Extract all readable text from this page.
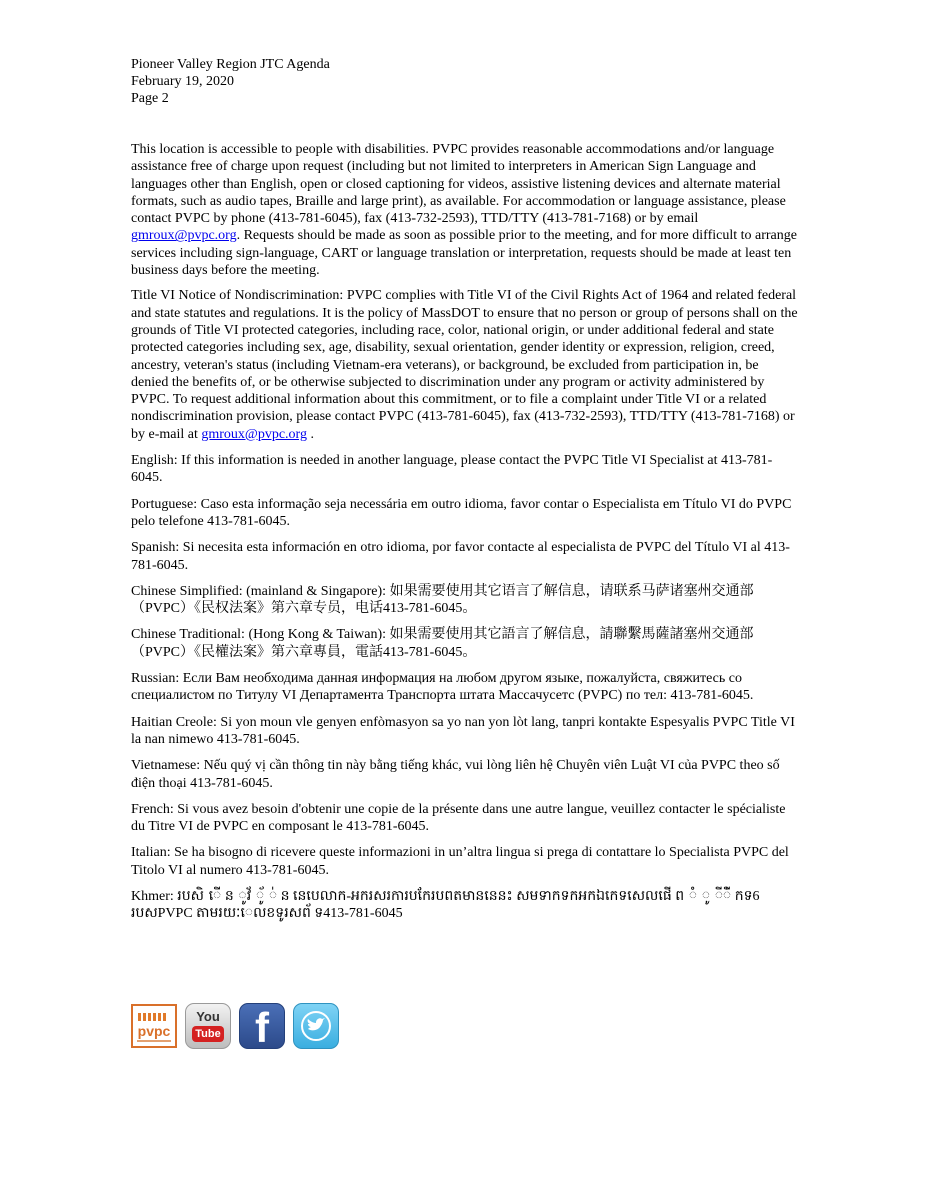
Pioneer Valley Region JTC Agenda
February 19, 2020
Page 2

This location is accessible to people with disabilities. PVPC provides reasonable accommodations and/or language assistance free of charge upon request (including but not limited to interpreters in American Sign Language and languages other than English, open or closed captioning for videos, assistive listening devices and alternate material formats, such as audio tapes, Braille and large print), as available. For accommodation or language assistance, please contact PVPC by phone (413-781-6045), fax (413-732-2593), TTD/TTY (413-781-7168) or by email gmroux@pvpc.org. Requests should be made as soon as possible prior to the meeting, and for more difficult to arrange services including sign-language, CART or language translation or interpretation, requests should be made at least ten business days before the meeting.

Title VI Notice of Nondiscrimination: PVPC complies with Title VI of the Civil Rights Act of 1964 and related federal and state statutes and regulations. It is the policy of MassDOT to ensure that no person or group of persons shall on the grounds of Title VI protected categories, including race, color, national origin, or under additional federal and state protected categories including sex, age, disability, sexual orientation, gender identity or expression, religion, creed, ancestry, veteran's status (including Vietnam-era veterans), or background, be excluded from participation in, be denied the benefits of, or be otherwise subjected to discrimination under any program or activity administered by PVPC. To request additional information about this commitment, or to file a complaint under Title VI or a related nondiscrimination provision, please contact PVPC (413-781-6045), fax (413-732-2593), TTD/TTY (413-781-7168) or by e-mail at gmroux@pvpc.org .

English: If this information is needed in another language, please contact the PVPC Title VI Specialist at 413-781-6045.

Portuguese: Caso esta informação seja necessária em outro idioma, favor contar o Especialista em Título VI do PVPC pelo telefone 413-781-6045.

Spanish: Si necesita esta información en otro idioma, por favor contacte al especialista de PVPC del Título VI al 413-781-6045.

Chinese Simplified: (mainland & Singapore): 如果需要使用其它语言了解信息，请联系马萨诸塞州交通部 （PVPC）《民权法案》第六章专员，电话413-781-6045。

Chinese Traditional: (Hong Kong & Taiwan): 如果需要使用其它語言了解信息，請聯繫馬薩諸塞州交通部 （PVPC）《民權法案》第六章專員，電話413-781-6045。

Russian: Если Вам необходима данная информация на любом другом языке, пожалуйста, свяжитесь со специалистом по Титулу VI Департамента Транспорта штата Массачусетс (PVPC) по тел: 413-781-6045.

Haitian Creole: Si yon moun vle genyen enfòmasyon sa yo nan yon lòt lang, tanpri kontakte Espesyalis PVPC Title VI la nan nimewo 413-781-6045.

Vietnamese: Nếu quý vị cần thông tin này bằng tiếng khác, vui lòng liên hệ Chuyên viên Luật VI của PVPC theo số điện thoại 413-781-6045.

French: Si vous avez besoin d'obtenir une copie de la présente dans une autre langue, veuillez contacter le spécialiste du Titre VI de PVPC en composant le 413-781-6045.

Italian: Se ha bisogno di ricevere queste informazioni in un’altra lingua si prega di contattare lo Specialista PVPC del Titolo VI al numero 413-781-6045.

Khmer: របសិ ើ ន ូវ័ ័ូ ់ ន នេបេលាក-អករសរការបកែរបពតមាននេនះ សមទាកទកអកឯកេទសេលផើ ព ំ ូ ីី់ កទ6 របសPVPC តាមរយៈេលខទូរសព័ ទ413-781-6045

pvpc
You
Tube f
